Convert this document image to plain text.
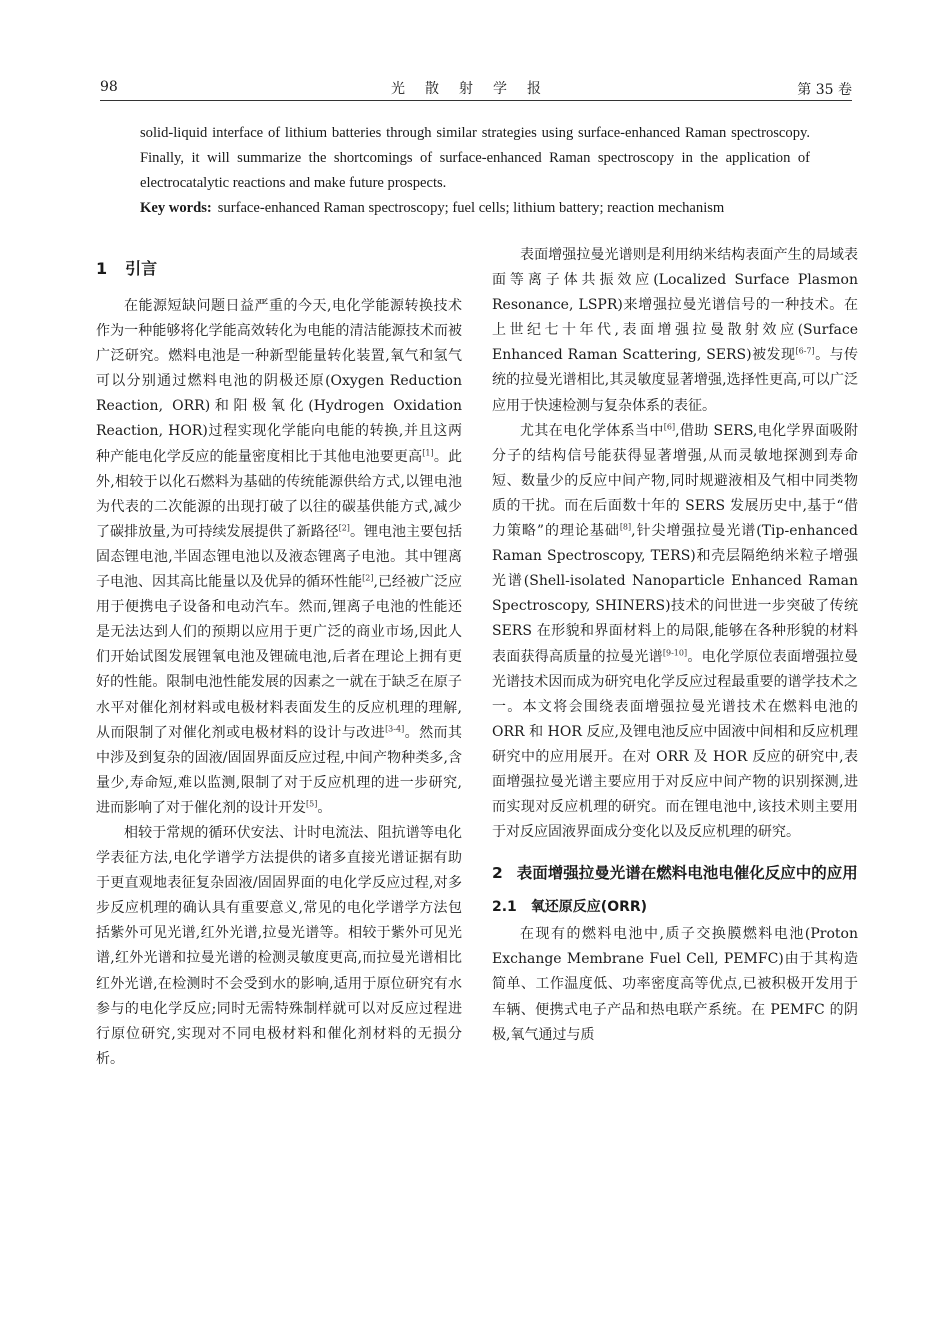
98	光散射学报	第 35 卷

solid-liquid interface of lithium batteries through similar strategies using surface-enhanced Raman spectroscopy. Finally, it will summarize the shortcomings of surface-enhanced Raman spectroscopy in the application of electrocatalytic reactions and make future prospects.

Key words: surface-enhanced Raman spectroscopy; fuel cells; lithium battery; reaction mechanism

1 引言

在能源短缺问题日益严重的今天,电化学能源转换技术作为一种能够将化学能高效转化为电能的清洁能源技术而被广泛研究。燃料电池是一种新型能量转化装置,氧气和氢气可以分别通过燃料电池的阴极还原(Oxygen Reduction Reaction, ORR)和阳极氧化(Hydrogen Oxidation Reaction, HOR)过程实现化学能向电能的转换,并且这两种产能电化学反应的能量密度相比于其他电池要更高[1]。此外,相较于以化石燃料为基础的传统能源供给方式,以锂电池为代表的二次能源的出现打破了以往的碳基供能方式,减少了碳排放量,为可持续发展提供了新路径[2]。锂电池主要包括固态锂电池,半固态锂电池以及液态锂离子电池。其中锂离子电池、因其高比能量以及优异的循环性能[2],已经被广泛应用于便携电子设备和电动汽车。然而,锂离子电池的性能还是无法达到人们的预期以应用于更广泛的商业市场,因此人们开始试图发展锂氧电池及锂硫电池,后者在理论上拥有更好的性能。限制电池性能发展的因素之一就在于缺乏在原子水平对催化剂材料或电极材料表面发生的反应机理的理解,从而限制了对催化剂或电极材料的设计与改进[3-4]。然而其中涉及到复杂的固液/固固界面反应过程,中间产物种类多,含量少,寿命短,难以监测,限制了对于反应机理的进一步研究,进而影响了对于催化剂的设计开发[5]。

相较于常规的循环伏安法、计时电流法、阻抗谱等电化学表征方法,电化学谱学方法提供的诸多直接光谱证据有助于更直观地表征复杂固液/固固界面的电化学反应过程,对多步反应机理的确认具有重要意义,常见的电化学谱学方法包括紫外可见光谱,红外光谱,拉曼光谱等。相较于紫外可见光谱,红外光谱和拉曼光谱的检测灵敏度更高,而拉曼光谱相比红外光谱,在检测时不会受到水的影响,适用于原位研究有水参与的电化学反应;同时无需特殊制样就可以对反应过程进行原位研究,实现对不同电极材料和催化剂材料的无损分析。

表面增强拉曼光谱则是利用纳米结构表面产生的局域表面等离子体共振效应(Localized Surface Plasmon Resonance, LSPR)来增强拉曼光谱信号的一种技术。在上世纪七十年代,表面增强拉曼散射效应(Surface Enhanced Raman Scattering, SERS)被发现[6-7]。与传统的拉曼光谱相比,其灵敏度显著增强,选择性更高,可以广泛应用于快速检测与复杂体系的表征。

尤其在电化学体系当中[6],借助 SERS,电化学界面吸附分子的结构信号能获得显著增强,从而灵敏地探测到寿命短、数量少的反应中间产物,同时规避液相及气相中同类物质的干扰。而在后面数十年的 SERS 发展历史中,基于“借力策略”的理论基础[8],针尖增强拉曼光谱(Tip-enhanced Raman Spectroscopy, TERS)和壳层隔绝纳米粒子增强光谱(Shell-isolated Nanoparticle Enhanced Raman Spectroscopy, SHINERS)技术的问世进一步突破了传统 SERS 在形貌和界面材料上的局限,能够在各种形貌的材料表面获得高质量的拉曼光谱[9-10]。电化学原位表面增强拉曼光谱技术因而成为研究电化学反应过程最重要的谱学技术之一。本文将会围绕表面增强拉曼光谱技术在燃料电池的 ORR 和 HOR 反应,及锂电池反应中固液中间相和反应机理研究中的应用展开。在对 ORR 及 HOR 反应的研究中,表面增强拉曼光谱主要应用于对反应中间产物的识别探测,进而实现对反应机理的研究。而在锂电池中,该技术则主要用于对反应固液界面成分变化以及反应机理的研究。

2 表面增强拉曼光谱在燃料电池电催化反应中的应用
2.1 氧还原反应(ORR)

在现有的燃料电池中,质子交换膜燃料电池(Proton Exchange Membrane Fuel Cell, PEMFC)由于其构造简单、工作温度低、功率密度高等优点,已被积极开发用于车辆、便携式电子产品和热电联产系统。在 PEMFC 的阴极,氧气通过与质
